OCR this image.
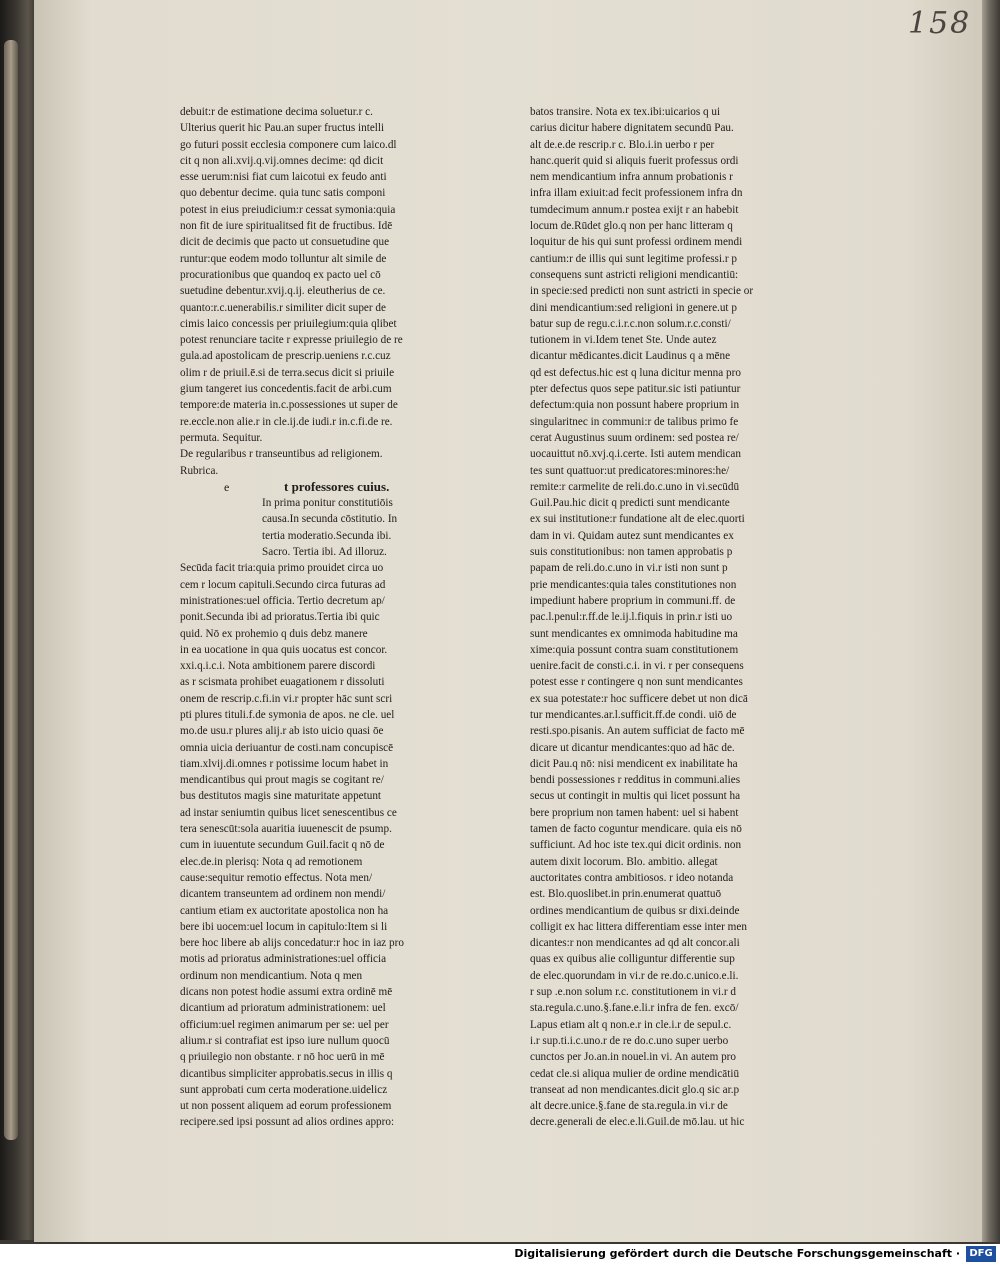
158
debuit:r de estimatione decima soluetur.r c.
Ulterius querit hic Pau.an super fructus intelli
go futuri possit ecclesia componere cum laico.dl
cit q non ali.xvij.q.vij.omnes decime: qd dicit
esse uerum:nisi fiat cum laicotui ex feudo anti
quo debentur decime. quia tunc satis componi
potest in eius preiudicium:r cessat symonia:quia
non fit de iure spiritualitsed fit de fructibus. Idē
dicit de decimis que pacto ut consuetudine que
runtur:que eodem modo tolluntur alt simile de
procurationibus que quandoq ex pacto uel cō
suetudine debentur.xvij.q.ij. eleutherius de ce.
quanto:r.c.uenerabilis.r similiter dicit super de
cimis laico concessis per priuilegium:quia qlibet
potest renunciare tacite r expresse priuilegio de re
gula.ad apostolicam de prescrip.ueniens r.c.cuz
olim r de priuil.ē.si de terra.secus dicit si priuile
gium tangeret ius concedentis.facit de arbi.cum
tempore:de materia in.c.possessiones ut super de
re.eccle.non alie.r in cle.ij.de iudi.r in.c.fi.de re.
permuta. Sequitur.
De regularibus r transeuntibus ad religionem.
Rubrica.
e	t professores cuius.
In prima ponitur constitutiōis
causa.In secunda cōstitutio. In
tertia moderatio.Secunda ibi.
Sacro. Tertia ibi. Ad illoruz.
Secūda facit tria:quia primo prouidet circa uo
cem r locum capituli.Secundo circa futuras ad
ministrationes:uel officia. Tertio decretum ap/
ponit.Secunda ibi ad prioratus.Tertia ibi quic
quid. Nō ex prohemio q duis debz manere
in ea uocatione in qua quis uocatus est concor.
xxi.q.i.c.i. Nota ambitionem parere discordi
as r scismata prohibet euagationem r dissoluti
onem de rescrip.c.fi.in vi.r propter hāc sunt scri
pti plures tituli.f.de symonia de apos. ne cle. uel
mo.de usu.r plures alij.r ab isto uicio quasi ōe
omnia uicia deriuantur de costi.nam concupiscē
tiam.xlvij.di.omnes r potissime locum habet in
mendicantibus qui prout magis se cogitant re/
bus destitutos magis sine maturitate appetunt
ad instar seniumtin quibus licet senescentibus ce
tera senescūt:sola auaritia iuuenescit de psump.
cum in iuuentute secundum Guil.facit q nō de
elec.de.in plerisq: Nota q ad remotionem
cause:sequitur remotio effectus. Nota men/
dicantem transeuntem ad ordinem non mendi/
cantium etiam ex auctoritate apostolica non ha
bere ibi uocem:uel locum in capitulo:Item si li
bere hoc libere ab alijs concedatur:r hoc in iaz pro
motis ad prioratus administrationes:uel officia
ordinum non mendicantium. Nota q men
dicans non potest hodie assumi extra ordinē mē
dicantium ad prioratum administrationem: uel
officium:uel regimen animarum per se: uel per
alium.r si contrafiat est ipso iure nullum quocū
q priuilegio non obstante. r nō hoc uerū in mē
dicantibus simpliciter approbatis.secus in illis q
sunt approbati cum certa moderatione.uidelicz
ut non possent aliquem ad eorum professionem
recipere.sed ipsi possunt ad alios ordines appro:
batos transire. Nota ex tex.ibi:uicarios q ui
carius dicitur habere dignitatem secundū Pau.
alt de.e.de rescrip.r c. Blo.i.in uerbo r per
hanc.querit quid si aliquis fuerit professus ordi
nem mendicantium infra annum probationis r
infra illam exiuit:ad fecit professionem infra dn
tumdecimum annum.r postea exijt r an habebit
locum de.Rūdet glo.q non per hanc litteram q
loquitur de his qui sunt professi ordinem mendi
cantium:r de illis qui sunt legitime professi.r p
consequens sunt astricti religioni mendicantiū:
in specie:sed predicti non sunt astricti in specie or
dini mendicantium:sed religioni in genere.ut p
batur sup de regu.c.i.r.c.non solum.r.c.consti/
tutionem in vi.Idem tenet Ste. Unde autez
dicantur mēdicantes.dicit Laudinus q a mēne
qd est defectus.hic est q luna dicitur menna pro
pter defectus quos sepe patitur.sic isti patiuntur
defectum:quia non possunt habere proprium in
singularitnec in communi:r de talibus primo fe
cerat Augustinus suum ordinem: sed postea re/
uocauittut nō.xvj.q.i.certe. Isti autem mendican
tes sunt quattuor:ut predicatores:minores:he/
remite:r carmelite de reli.do.c.uno in vi.secūdū
Guil.Pau.hic dicit q predicti sunt mendicante
ex sui institutione:r fundatione alt de elec.quorti
dam in vi. Quidam autez sunt mendicantes ex
suis constitutionibus: non tamen approbatis p
papam de reli.do.c.uno in vi.r isti non sunt p
prie mendicantes:quia tales constitutiones non
impediunt habere proprium in communi.ff. de
pac.l.penul:r.ff.de le.ij.l.fiquis in prin.r isti uo
sunt mendicantes ex omnimoda habitudine ma
xime:quia possunt contra suam constitutionem
uenire.facit de consti.c.i. in vi. r per consequens
potest esse r contingere q non sunt mendicantes
ex sua potestate:r hoc sufficere debet ut non dicā
tur mendicantes.ar.l.sufficit.ff.de condi. uiō de
resti.spo.pisanis. An autem sufficiat de facto mē
dicare ut dicantur mendicantes:quo ad hāc de.
dicit Pau.q nō: nisi mendicent ex inabilitate ha
bendi possessiones r redditus in communi.alies
secus ut contingit in multis qui licet possunt ha
bere proprium non tamen habent: uel si habent
tamen de facto coguntur mendicare. quia eis nō
sufficiunt. Ad hoc iste tex.qui dicit ordinis. non
autem dixit locorum. Blo. ambitio. allegat
auctoritates contra ambitiosos. r ideo notanda
est. Blo.quoslibet.in prin.enumerat quattuō
ordines mendicantium de quibus sr dixi.deinde
colligit ex hac littera differentiam esse inter men
dicantes:r non mendicantes ad qd alt concor.ali
quas ex quibus alie colliguntur differentie sup
de elec.quorundam in vi.r de re.do.c.unico.e.li.
r sup .e.non solum r.c. constitutionem in vi.r d
sta.regula.c.uno.§.fane.e.li.r infra de fen. excō/
Lapus etiam alt q non.e.r in cle.i.r de sepul.c.
i.r sup.ti.i.c.uno.r de re do.c.uno super uerbo
cunctos per Jo.an.in nouel.in vi. An autem pro
cedat cle.si aliqua mulier de ordine mendicātiū
transeat ad non mendicantes.dicit glo.q sic ar.p
alt decre.unice.§.fane de sta.regula.in vi.r de
decre.generali de elec.e.li.Guil.de mō.lau. ut hic
Digitalisierung gefördert durch die Deutsche Forschungsgemeinschaft · DFG
